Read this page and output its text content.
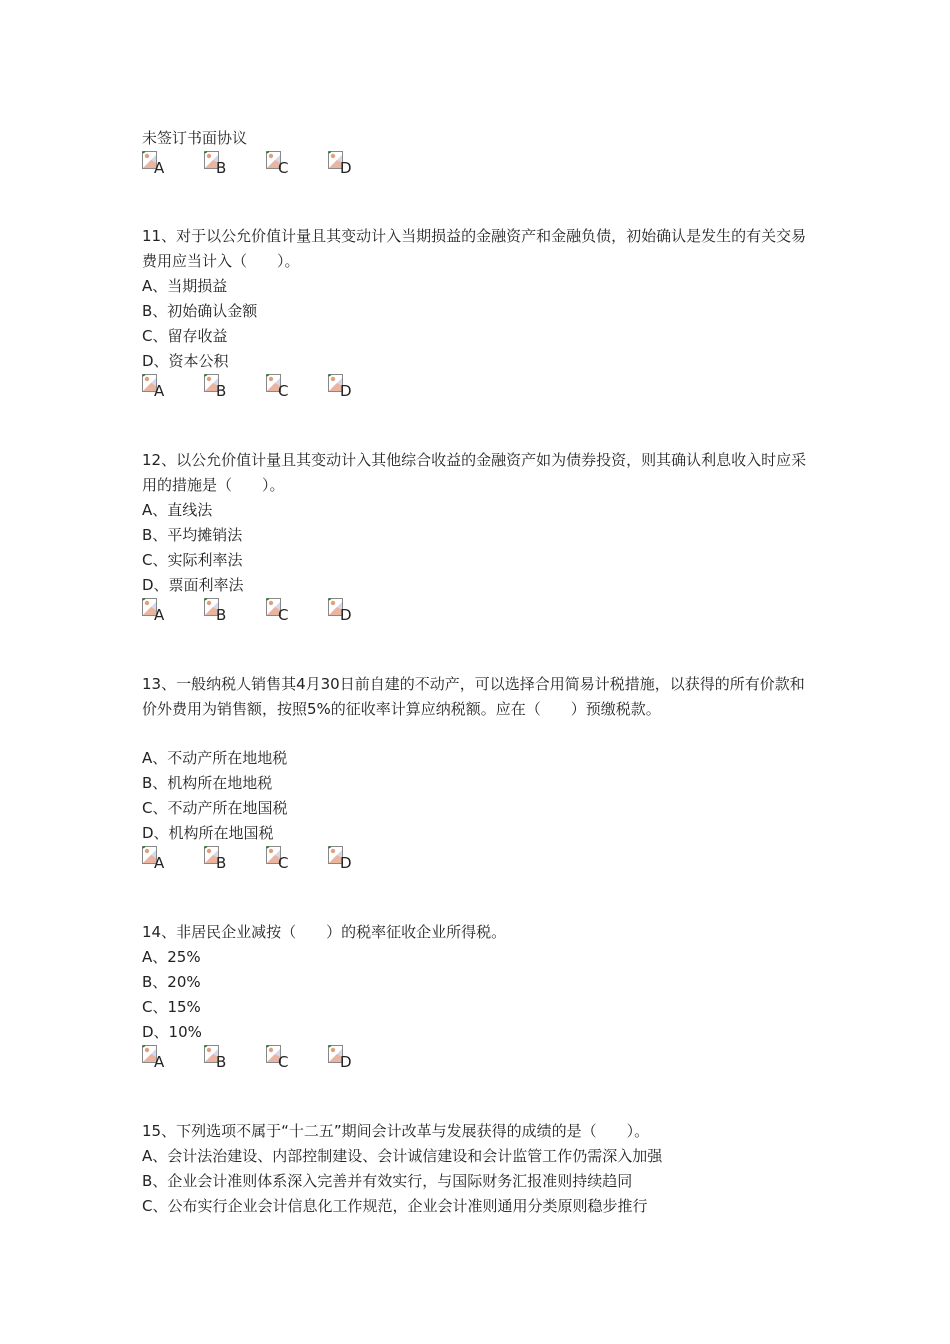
未签订书面协议
A	B	C	D
11、对于以公允价值计量且其变动计入当期损益的金融资产和金融负债，初始确认是发生的有关交易费用应当计入（　　）。
A、当期损益
B、初始确认金额
C、留存收益
D、资本公积
A	B	C	D
12、以公允价值计量且其变动计入其他综合收益的金融资产如为债券投资，则其确认利息收入时应采用的措施是（　　）。
A、直线法
B、平均摊销法
C、实际利率法
D、票面利率法
A	B	C	D
13、一般纳税人销售其4月30日前自建的不动产，可以选择合用简易计税措施，以获得的所有价款和价外费用为销售额，按照5%的征收率计算应纳税额。应在（　　）预缴税款。
A、不动产所在地地税
B、机构所在地地税
C、不动产所在地国税
D、机构所在地国税
A	B	C	D
14、非居民企业减按（　　）的税率征收企业所得税。
A、25%
B、20%
C、15%
D、10%
A	B	C	D
15、下列选项不属于“十二五”期间会计改革与发展获得的成绩的是（　　）。
A、会计法治建设、内部控制建设、会计诚信建设和会计监管工作仍需深入加强
B、企业会计准则体系深入完善并有效实行，与国际财务汇报准则持续趋同
C、公布实行企业会计信息化工作规范，企业会计准则通用分类原则稳步推行
